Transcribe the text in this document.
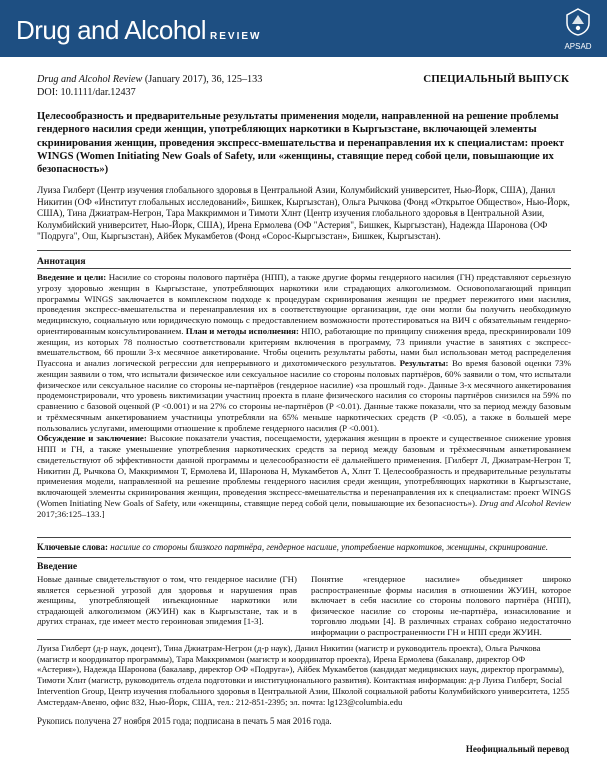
Drug and Alcohol REVIEW
APSAD
Drug and Alcohol Review (January 2017), 36, 125–133
DOI: 10.1111/dar.12437
СПЕЦИАЛЬНЫЙ ВЫПУСК
Целесообразность и предварительные результаты применения модели, направленной на решение проблемы гендерного насилия среди женщин, употребляющих наркотики в Кыргызстане, включающей элементы скринирования женщин, проведения экспресс-вмешательства и перенаправления их к специалистам: проект WINGS (Women Initiating New Goals of Safety, или «женщины, ставящие перед собой цели, повышающие их безопасность»)
Луиза Гилберт (Центр изучения глобального здоровья в Центральной Азии, Колумбийский университет, Нью-Йорк, США), Данил Никитин (ОФ «Институт глобальных исследований», Бишкек, Кыргызстан), Ольга Рычкова (Фонд «Открытое Общество», Нью-Йорк, США), Тина Джиатрам-Негрон, Тара Маккриммон и Тимоти Хлнт (Центр изучения глобального здоровья в Центральной Азии, Колумбийский университет, Нью-Йорк, США), Ирена Ермолева (ОФ "Астерия", Бишкек, Кыргызстан), Надежда Шаронова (ОФ "Подруга", Ош, Кыргызстан), Айбек Мукамбетов (Фонд «Сорос-Кыргызстан», Бишкек, Кыргызстан).
Аннотация

Введение и цели: Насилие со стороны полового партнёра (НПП), а также другие формы гендерного насилия (ГН) представляют серьезную угрозу здоровью женщин в Кыргызстане, употребляющих наркотики или страдающих алкоголизмом. Основополагающий принцип программы WINGS заключается в комплексном подходе к процедурам скринирования женщин не предмет пережитого ими насилия, проведения экспресс-вмешательства и перенаправления их в соответствующие организации, где они могли бы получить необходимую медицинскую, социальную или юридическую помощь с предоставлением возможности протестироваться на ВИЧ с обязательным гендерно-ориентированным консультированием. План и методы исполнения: НПО, работающие по принципу снижения вреда, прескринировали 109 женщин, из которых 78 полностью соответствовали критериям включения в программу, 73 приняли участие в занятиях с экспресс-вмешательством, 66 прошли 3-х месячное анкетирование. Чтобы оценить результаты работы, нами был использован метод распределения Пуассона и анализ логической регрессии для непрерывного и дихотомического результатов. Результаты: Во время базовой оценки 73% женщин заявили о том, что испытали физическое или сексуальное насилие со стороны половых партнёров, 60% заявили о том, что испытали физическое или сексуальное насилие со стороны не-партнёров (гендерное насилие) «за прошлый год». Данные 3-х месячного анкетирования продемонстрировали, что уровень виктимизации участниц проекта в плане физического насилия со стороны партнёров снизился на 59% по сравнению с базовой оценкой (P <0.001) и на 27% со стороны не-партнёров (P <0.01). Данные также показали, что за период между базовым и трёхмесячным анкетированием участницы употребляли на 65% меньше наркотических средств (P <0.05), а также в большей мере пользовались услугами, имеющими отношение к проблеме гендерного насилия (P <0.001).

Обсуждение и заключение: Высокие показатели участия, посещаемости, удержания женщин в проекте и существенное снижение уровня НПП и ГН, а также уменьшение употребления наркотических средств за период между базовым и трёхмесячным анкетированием свидетельствуют об эффективности данной программы и целесообразности её дальнейшего применения. [Гилберт Л, Джиатрам-Негрон Т, Никитин Д, Рычкова О, Маккриммон Т, Ермолева И, Шаронова Н, Мукамбетов А, Хлнт Т. Целесообразность и предварительные результаты применения модели, направленной на решение проблемы гендерного насилия среди женщин, употребляющих наркотики в Кыргызстане, включающей элементы скринирования женщин, проведения экспресс-вмешательства и перенаправления их к специалистам: проект WINGS (Women Initiating New Goals of Safety, или «женщины, ставящие перед собой цели, повышающие их безопасность»). Drug and Alcohol Review 2017;36:125–133.]

Ключевые слова: насилие со стороны близкого партнёра, гендерное насилие, употребление наркотиков, женщины, скринирование.
Введение
Новые данные свидетельствуют о том, что гендерное насилие (ГН) является серьезной угрозой для здоровья и нарушения прав женщины, употребляющей инъекционные наркотики или страдающей алкоголизмом (ЖУИН) как в Кыргызстане, так и в других странах, где имеет место героиновая эпидемия [1-3].
Понятие «гендерное насилие» объединяет широко распространенные формы насилия в отношении ЖУИН, которое включает в себя насилие со стороны полового партнёра (НПП), физическое насилие со стороны не-партнёра, изнасилование и торговлю людьми [4]. В различных странах собрано недостаточно информации о распространенности ГН и НПП среди ЖУИН.
Луиза Гилберт (д-р наук, доцент), Тина Джиатрам-Негрон (д-р наук), Данил Никитин (магистр и руководитель проекта), Ольга Рычкова (магистр и координатор программы), Тара Маккриммон (магистр и координатор проекта), Ирена Ермолева (бакалавр, директор ОФ «Астерия»), Надежда Шаронова (бакалавр, директор ОФ «Подруга»), Айбек Мукамбетов (кандидат медицинских наук, директор программы), Тимоти Хлнт (магистр, руководитель отдела подготовки и институционального развития). Контактная информация: д-р Луиза Гилберт, Social Intervention Group, Центр изучения глобального здоровья в Центральной Азии, Школой социальной работы Колумбийского университета, 1255 Амстердам-Авеню, офис 832, Нью-Йорк, США, тел.: 212-851-2395; эл. почта: lg123@columbia.edu
Рукопись получена 27 ноября 2015 года; подписана в печать 5 мая 2016 года.
Неофициальный перевод
